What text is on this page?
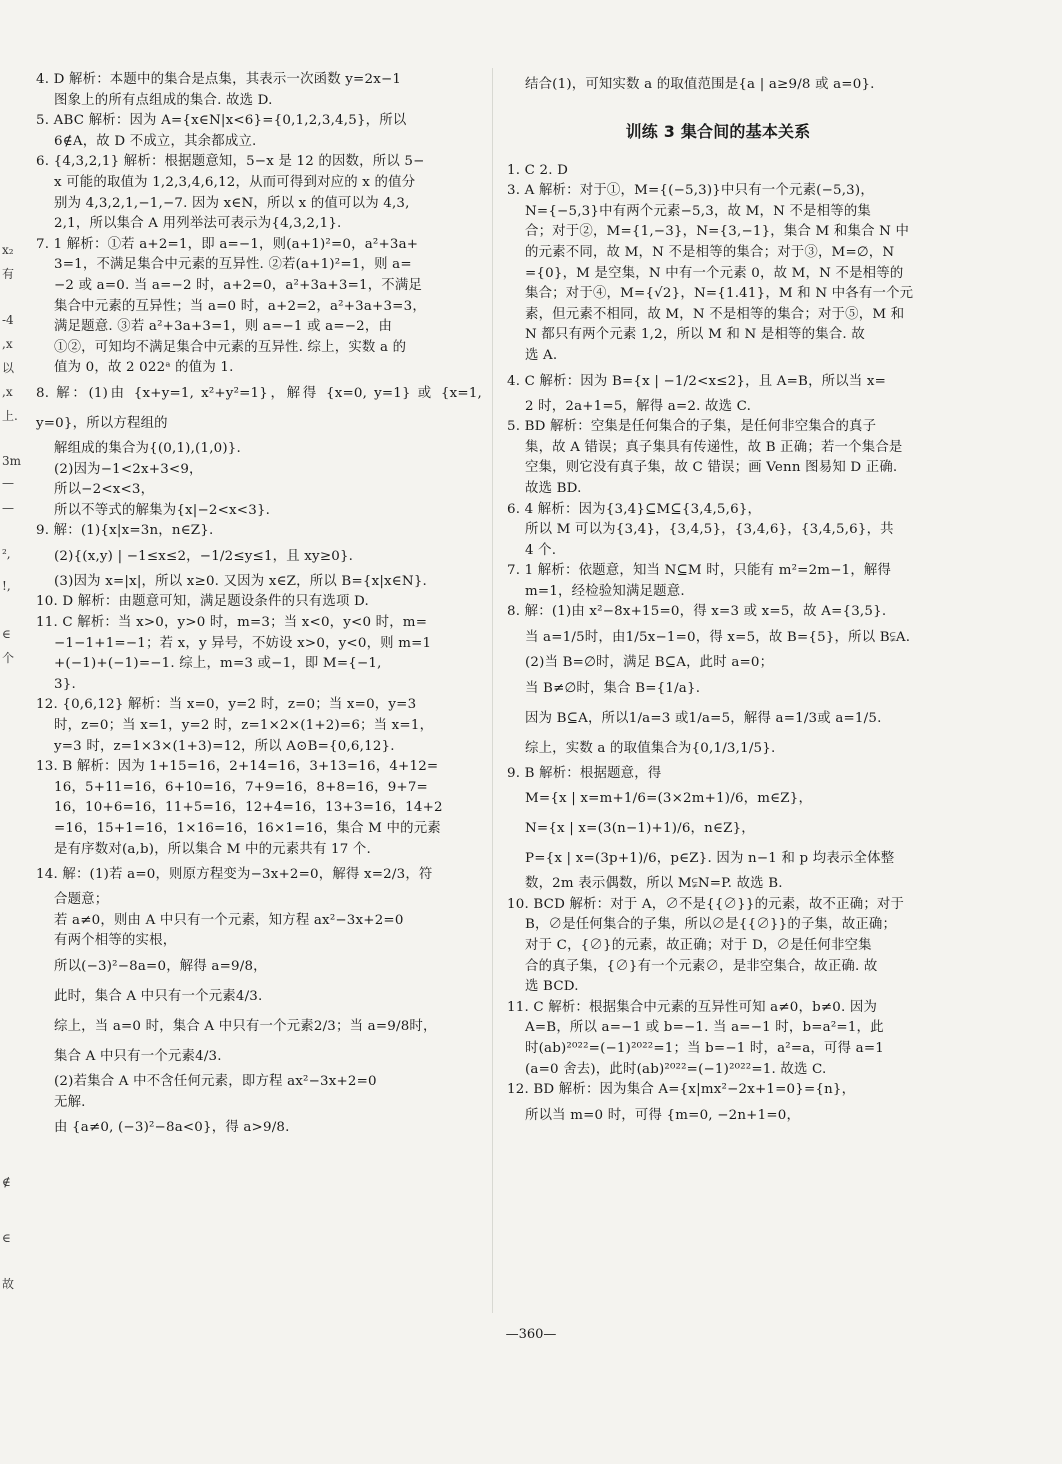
x₂
有
-4
,x
以
,x
上.
3m
—
—
²,
!,
∈
个
∉
∈
故
4. D 解析：本题中的集合是点集，其表示一次函数 y=2x−1
图象上的所有点组成的集合. 故选 D.
5. ABC 解析：因为 A={x∈N|x<6}={0,1,2,3,4,5}，所以
6∉A，故 D 不成立，其余都成立.
6. {4,3,2,1} 解析：根据题意知，5−x 是 12 的因数，所以 5−
x 可能的取值为 1,2,3,4,6,12，从而可得到对应的 x 的值分
别为 4,3,2,1,−1,−7. 因为 x∈N，所以 x 的值可以为 4,3,
2,1，所以集合 A 用列举法可表示为{4,3,2,1}.
7. 1 解析：①若 a+2=1，即 a=−1，则(a+1)²=0，a²+3a+
3=1，不满足集合中元素的互异性. ②若(a+1)²=1，则 a=
−2 或 a=0. 当 a=−2 时，a+2=0，a²+3a+3=1，不满足
集合中元素的互异性；当 a=0 时，a+2=2，a²+3a+3=3，
满足题意. ③若 a²+3a+3=1，则 a=−1 或 a=−2，由
①②，可知均不满足集合中元素的互异性. 综上，实数 a 的
值为 0，故 2 022ᵃ 的值为 1.
8. 解：(1)由 {x+y=1, x²+y²=1}，解得 {x=0, y=1} 或 {x=1, y=0}，所以方程组的
解组成的集合为{(0,1),(1,0)}.
(2)因为−1<2x+3<9，
所以−2<x<3，
所以不等式的解集为{x|−2<x<3}.
9. 解：(1){x|x=3n，n∈Z}.
(2){(x,y) | −1≤x≤2，−1/2≤y≤1，且 xy≥0}.
(3)因为 x=|x|，所以 x≥0. 又因为 x∈Z，所以 B={x|x∈N}.
10. D 解析：由题意可知，满足题设条件的只有选项 D.
11. C 解析：当 x>0，y>0 时，m=3；当 x<0，y<0 时，m=
−1−1+1=−1；若 x，y 异号，不妨设 x>0，y<0，则 m=1
+(−1)+(−1)=−1. 综上，m=3 或−1，即 M={−1,
3}.
12. {0,6,12} 解析：当 x=0，y=2 时，z=0；当 x=0，y=3
时，z=0；当 x=1，y=2 时，z=1×2×(1+2)=6；当 x=1，
y=3 时，z=1×3×(1+3)=12，所以 A⊙B={0,6,12}.
13. B 解析：因为 1+15=16，2+14=16，3+13=16，4+12=
16，5+11=16，6+10=16，7+9=16，8+8=16，9+7=
16，10+6=16，11+5=16，12+4=16，13+3=16，14+2
=16，15+1=16，1×16=16，16×1=16，集合 M 中的元素
是有序数对(a,b)，所以集合 M 中的元素共有 17 个.
14. 解：(1)若 a=0，则原方程变为−3x+2=0，解得 x=2/3，符
合题意；
若 a≠0，则由 A 中只有一个元素，知方程 ax²−3x+2=0
有两个相等的实根，
所以(−3)²−8a=0，解得 a=9/8，
此时，集合 A 中只有一个元素4/3.
综上，当 a=0 时，集合 A 中只有一个元素2/3；当 a=9/8时，
集合 A 中只有一个元素4/3.
(2)若集合 A 中不含任何元素，即方程 ax²−3x+2=0
无解.
由 {a≠0, (−3)²−8a<0}，得 a>9/8.
结合(1)，可知实数 a 的取值范围是{a | a≥9/8 或 a=0}.
训练 3 集合间的基本关系
1. C 2. D
3. A 解析：对于①，M={(−5,3)}中只有一个元素(−5,3)，
N={−5,3}中有两个元素−5,3，故 M，N 不是相等的集
合；对于②，M={1,−3}，N={3,−1}，集合 M 和集合 N 中
的元素不同，故 M，N 不是相等的集合；对于③，M=∅，N
={0}，M 是空集，N 中有一个元素 0，故 M，N 不是相等的
集合；对于④，M={√2}，N={1.41}，M 和 N 中各有一个元
素，但元素不相同，故 M，N 不是相等的集合；对于⑤，M 和
N 都只有两个元素 1,2，所以 M 和 N 是相等的集合. 故
选 A.
4. C 解析：因为 B={x | −1/2<x≤2}，且 A=B，所以当 x=
2 时，2a+1=5，解得 a=2. 故选 C.
5. BD 解析：空集是任何集合的子集，是任何非空集合的真子
集，故 A 错误；真子集具有传递性，故 B 正确；若一个集合是
空集，则它没有真子集，故 C 错误；画 Venn 图易知 D 正确.
故选 BD.
6. 4 解析：因为{3,4}⊆M⊆{3,4,5,6}，
所以 M 可以为{3,4}，{3,4,5}，{3,4,6}，{3,4,5,6}，共
4 个.
7. 1 解析：依题意，知当 N⊆M 时，只能有 m²=2m−1，解得
m=1，经检验知满足题意.
8. 解：(1)由 x²−8x+15=0，得 x=3 或 x=5，故 A={3,5}.
当 a=1/5时，由1/5x−1=0，得 x=5，故 B={5}，所以 B⫋A.
(2)当 B=∅时，满足 B⊆A，此时 a=0；
当 B≠∅时，集合 B={1/a}.
因为 B⊆A，所以1/a=3 或1/a=5，解得 a=1/3或 a=1/5.
综上，实数 a 的取值集合为{0,1/3,1/5}.
9. B 解析：根据题意，得
M={x | x=m+1/6=(3×2m+1)/6，m∈Z}，
N={x | x=(3(n−1)+1)/6，n∈Z}，
P={x | x=(3p+1)/6，p∈Z}. 因为 n−1 和 p 均表示全体整
数，2m 表示偶数，所以 M⫋N=P. 故选 B.
10. BCD 解析：对于 A，∅不是{{∅}}的元素，故不正确；对于
B，∅是任何集合的子集，所以∅是{{∅}}的子集，故正确；
对于 C，{∅}的元素，故正确；对于 D，∅是任何非空集
合的真子集，{∅}有一个元素∅，是非空集合，故正确. 故
选 BCD.
11. C 解析：根据集合中元素的互异性可知 a≠0，b≠0. 因为
A=B，所以 a=−1 或 b=−1. 当 a=−1 时，b=a²=1，此
时(ab)²⁰²²=(−1)²⁰²²=1；当 b=−1 时，a²=a，可得 a=1
(a=0 舍去)，此时(ab)²⁰²²=(−1)²⁰²²=1. 故选 C.
12. BD 解析：因为集合 A={x|mx²−2x+1=0}={n}，
所以当 m=0 时，可得 {m=0, −2n+1=0，
—360—
